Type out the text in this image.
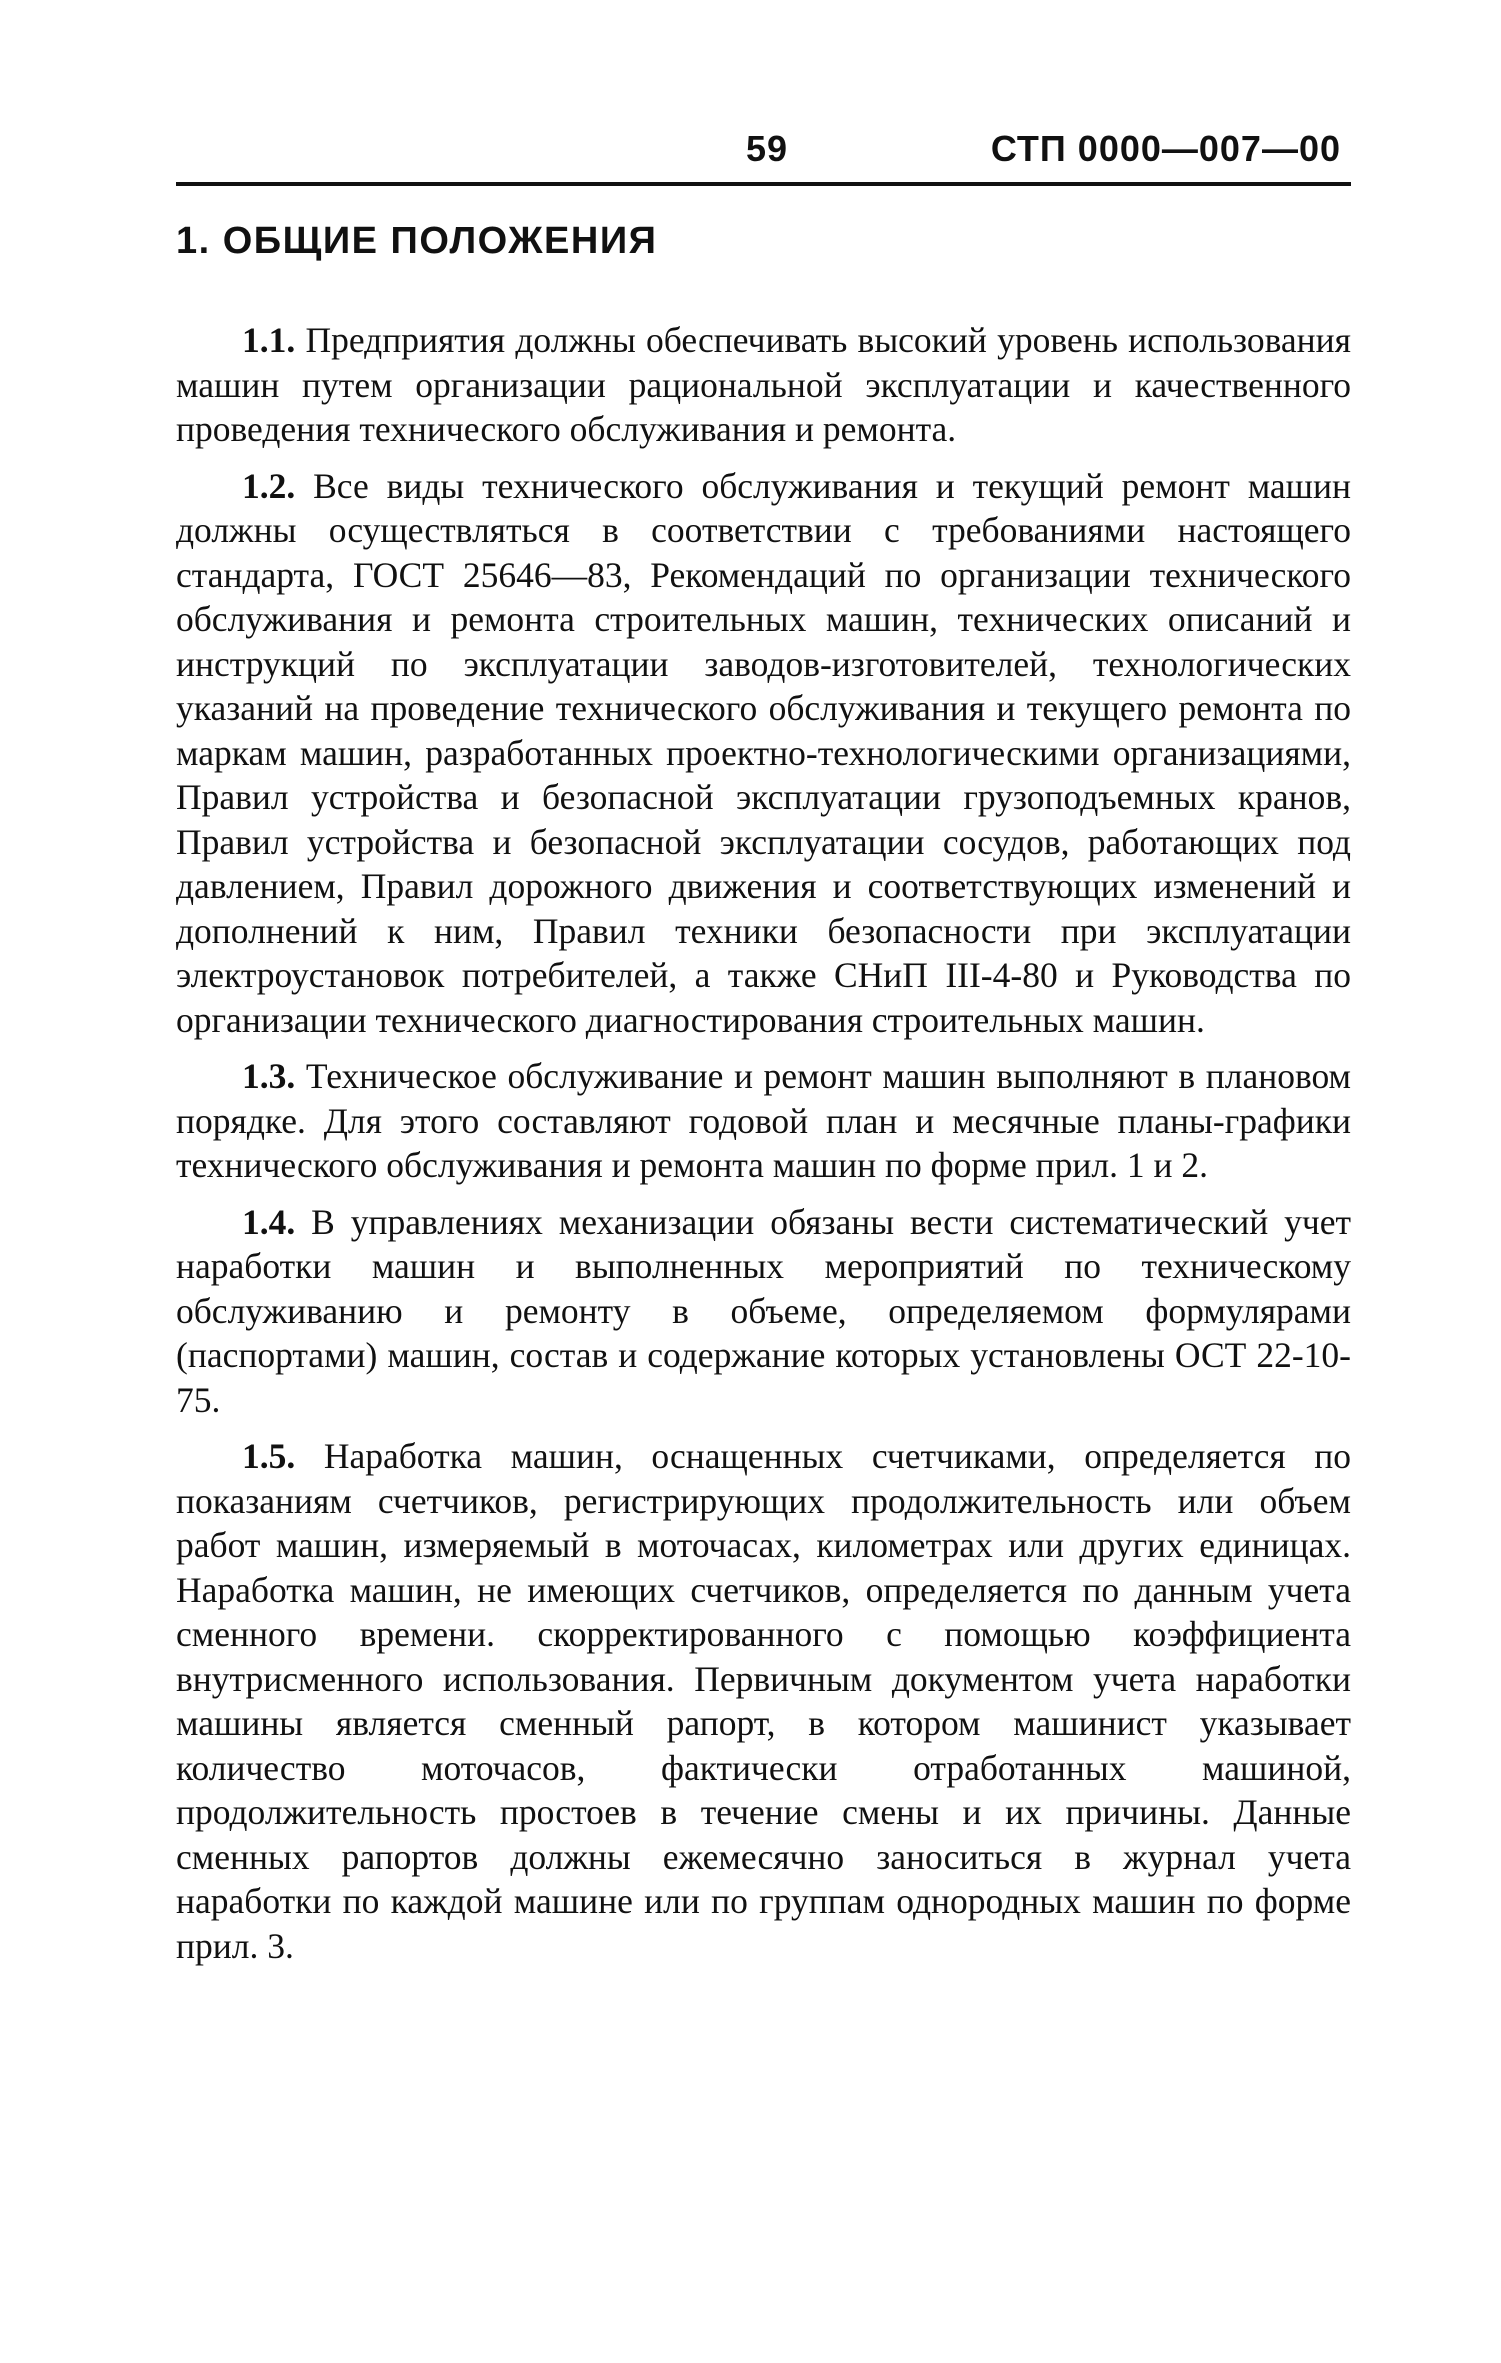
59	СТП 0000—007—00
1. ОБЩИЕ ПОЛОЖЕНИЯ

1.1. Предприятия должны обеспечивать высокий уровень использования машин путем организации рациональной эксплуатации и качественного проведения технического обслуживания и ремонта.

1.2. Все виды технического обслуживания и текущий ремонт машин должны осуществляться в соответствии с требованиями настоящего стандарта, ГОСТ 25646—83, Рекомендаций по организации технического обслуживания и ремонта строительных машин, технических описаний и инструкций по эксплуатации заводов-изготовителей, технологических указаний на проведение технического обслуживания и текущего ремонта по маркам машин, разработанных проектно-технологическими организациями, Правил устройства и безопасной эксплуатации грузоподъемных кранов, Правил устройства и безопасной эксплуатации сосудов, работающих под давлением, Правил дорожного движения и соответствующих изменений и дополнений к ним, Правил техники безопасности при эксплуатации электроустановок потребителей, а также СНиП III-4-80 и Руководства по организации технического диагностирования строительных машин.

1.3. Техническое обслуживание и ремонт машин выполняют в плановом порядке. Для этого составляют годовой план и месячные планы-графики технического обслуживания и ремонта машин по форме прил. 1 и 2.

1.4. В управлениях механизации обязаны вести систематический учет наработки машин и выполненных мероприятий по техническому обслуживанию и ремонту в объеме, определяемом формулярами (паспортами) машин, состав и содержание которых установлены ОСТ 22-10-75.

1.5. Наработка машин, оснащенных счетчиками, определяется по показаниям счетчиков, регистрирующих продолжительность или объем работ машин, измеряемый в моточасах, километрах или других единицах. Наработка машин, не имеющих счетчиков, определяется по данным учета сменного времени. скорректированного с помощью коэффициента внутрисменного использования. Первичным документом учета наработки машины является сменный рапорт, в котором машинист указывает количество моточасов, фактически отработанных машиной, продолжительность простоев в течение смены и их причины. Данные сменных рапортов должны ежемесячно заноситься в журнал учета наработки по каждой машине или по группам однородных машин по форме прил. 3.
